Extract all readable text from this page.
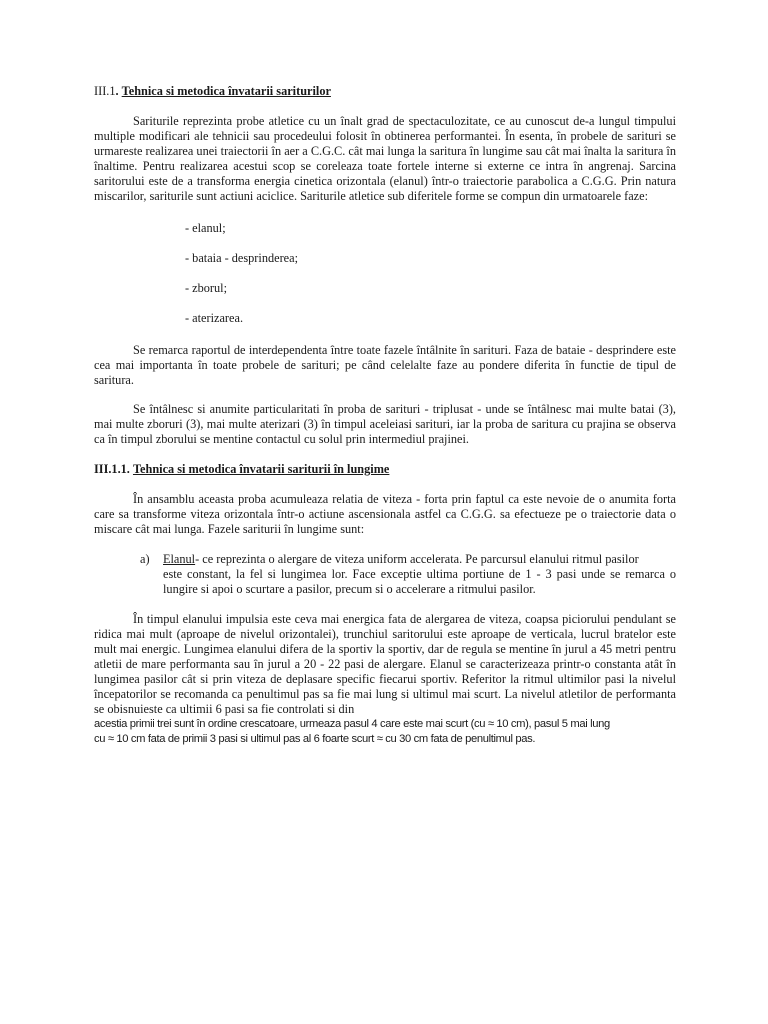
III.1. Tehnica si metodica învatarii sariturilor

Sariturile reprezinta probe atletice cu un înalt grad de spectaculozitate, ce au cunoscut de-a lungul timpului multiple modificari ale tehnicii sau procedeului folosit în obtinerea performantei. În esenta, în probele de sarituri se urmareste realizarea unei traiectorii în aer a C.G.C. cât mai lunga la saritura în lungime sau cât mai înalta la saritura în înaltime. Pentru realizarea acestui scop se coreleaza toate fortele interne si externe ce intra în angrenaj. Sarcina saritorului este de a transforma energia cinetica orizontala (elanul) într-o traiectorie parabolica a C.G.G. Prin natura miscarilor, sariturile sunt actiuni aciclice. Sariturile atletice sub diferitele forme se compun din urmatoarele faze:

- elanul;
- bataia - desprinderea;
- zborul;
- aterizarea.

Se remarca raportul de interdependenta între toate fazele întâlnite în sarituri. Faza de bataie - desprindere este cea mai importanta în toate probele de sarituri; pe când celelalte faze au pondere diferita în functie de tipul de saritura.

Se întâlnesc si anumite particularitati în proba de sarituri - triplusat - unde se întâlnesc mai multe batai (3), mai multe zboruri (3), mai multe aterizari (3) în timpul aceleiasi sarituri, iar la proba de saritura cu prajina se observa ca în timpul zborului se mentine contactul cu solul prin intermediul prajinei.

III.1.1. Tehnica si metodica învatarii sariturii în lungime

În ansamblu aceasta proba acumuleaza relatia de viteza - forta prin faptul ca este nevoie de o anumita forta care sa transforme viteza orizontala într-o actiune ascensionala astfel ca C.G.G. sa efectueze pe o traiectorie data o miscare cât mai lunga. Fazele sariturii în lungime sunt:

a) Elanul- ce reprezinta o alergare de viteza uniform accelerata. Pe parcursul elanului ritmul pasilor
este constant, la fel si lungimea lor. Face exceptie ultima portiune de 1 - 3 pasi unde se remarca o lungire si apoi o scurtare a pasilor, precum si o accelerare a ritmului pasilor.

În timpul elanului impulsia este ceva mai energica fata de alergarea de viteza, coapsa piciorului pendulant se ridica mai mult (aproape de nivelul orizontalei), trunchiul saritorului este aproape de verticala, lucrul bratelor este mult mai energic. Lungimea elanului difera de la sportiv la sportiv, dar de regula se mentine în jurul a 45 metri pentru atletii de mare performanta sau în jurul a 20 - 22 pasi de alergare. Elanul se caracterizeaza printr-o constanta atât în lungimea pasilor cât si prin viteza de deplasare specific fiecarui sportiv. Referitor la ritmul ultimilor pasi la nivelul începatorilor se recomanda ca penultimul pas sa fie mai lung si ultimul mai scurt. La nivelul atletilor de performanta se obisnuieste ca ultimii 6 pasi sa fie controlati si din

acestia primii trei sunt în ordine crescatoare, urmeaza pasul 4 care este mai scurt (cu ≈ 10 cm), pasul 5 mai lung
cu ≈ 10 cm fata de primii 3 pasi si ultimul pas al 6 foarte scurt ≈ cu 30 cm fata de penultimul pas.
